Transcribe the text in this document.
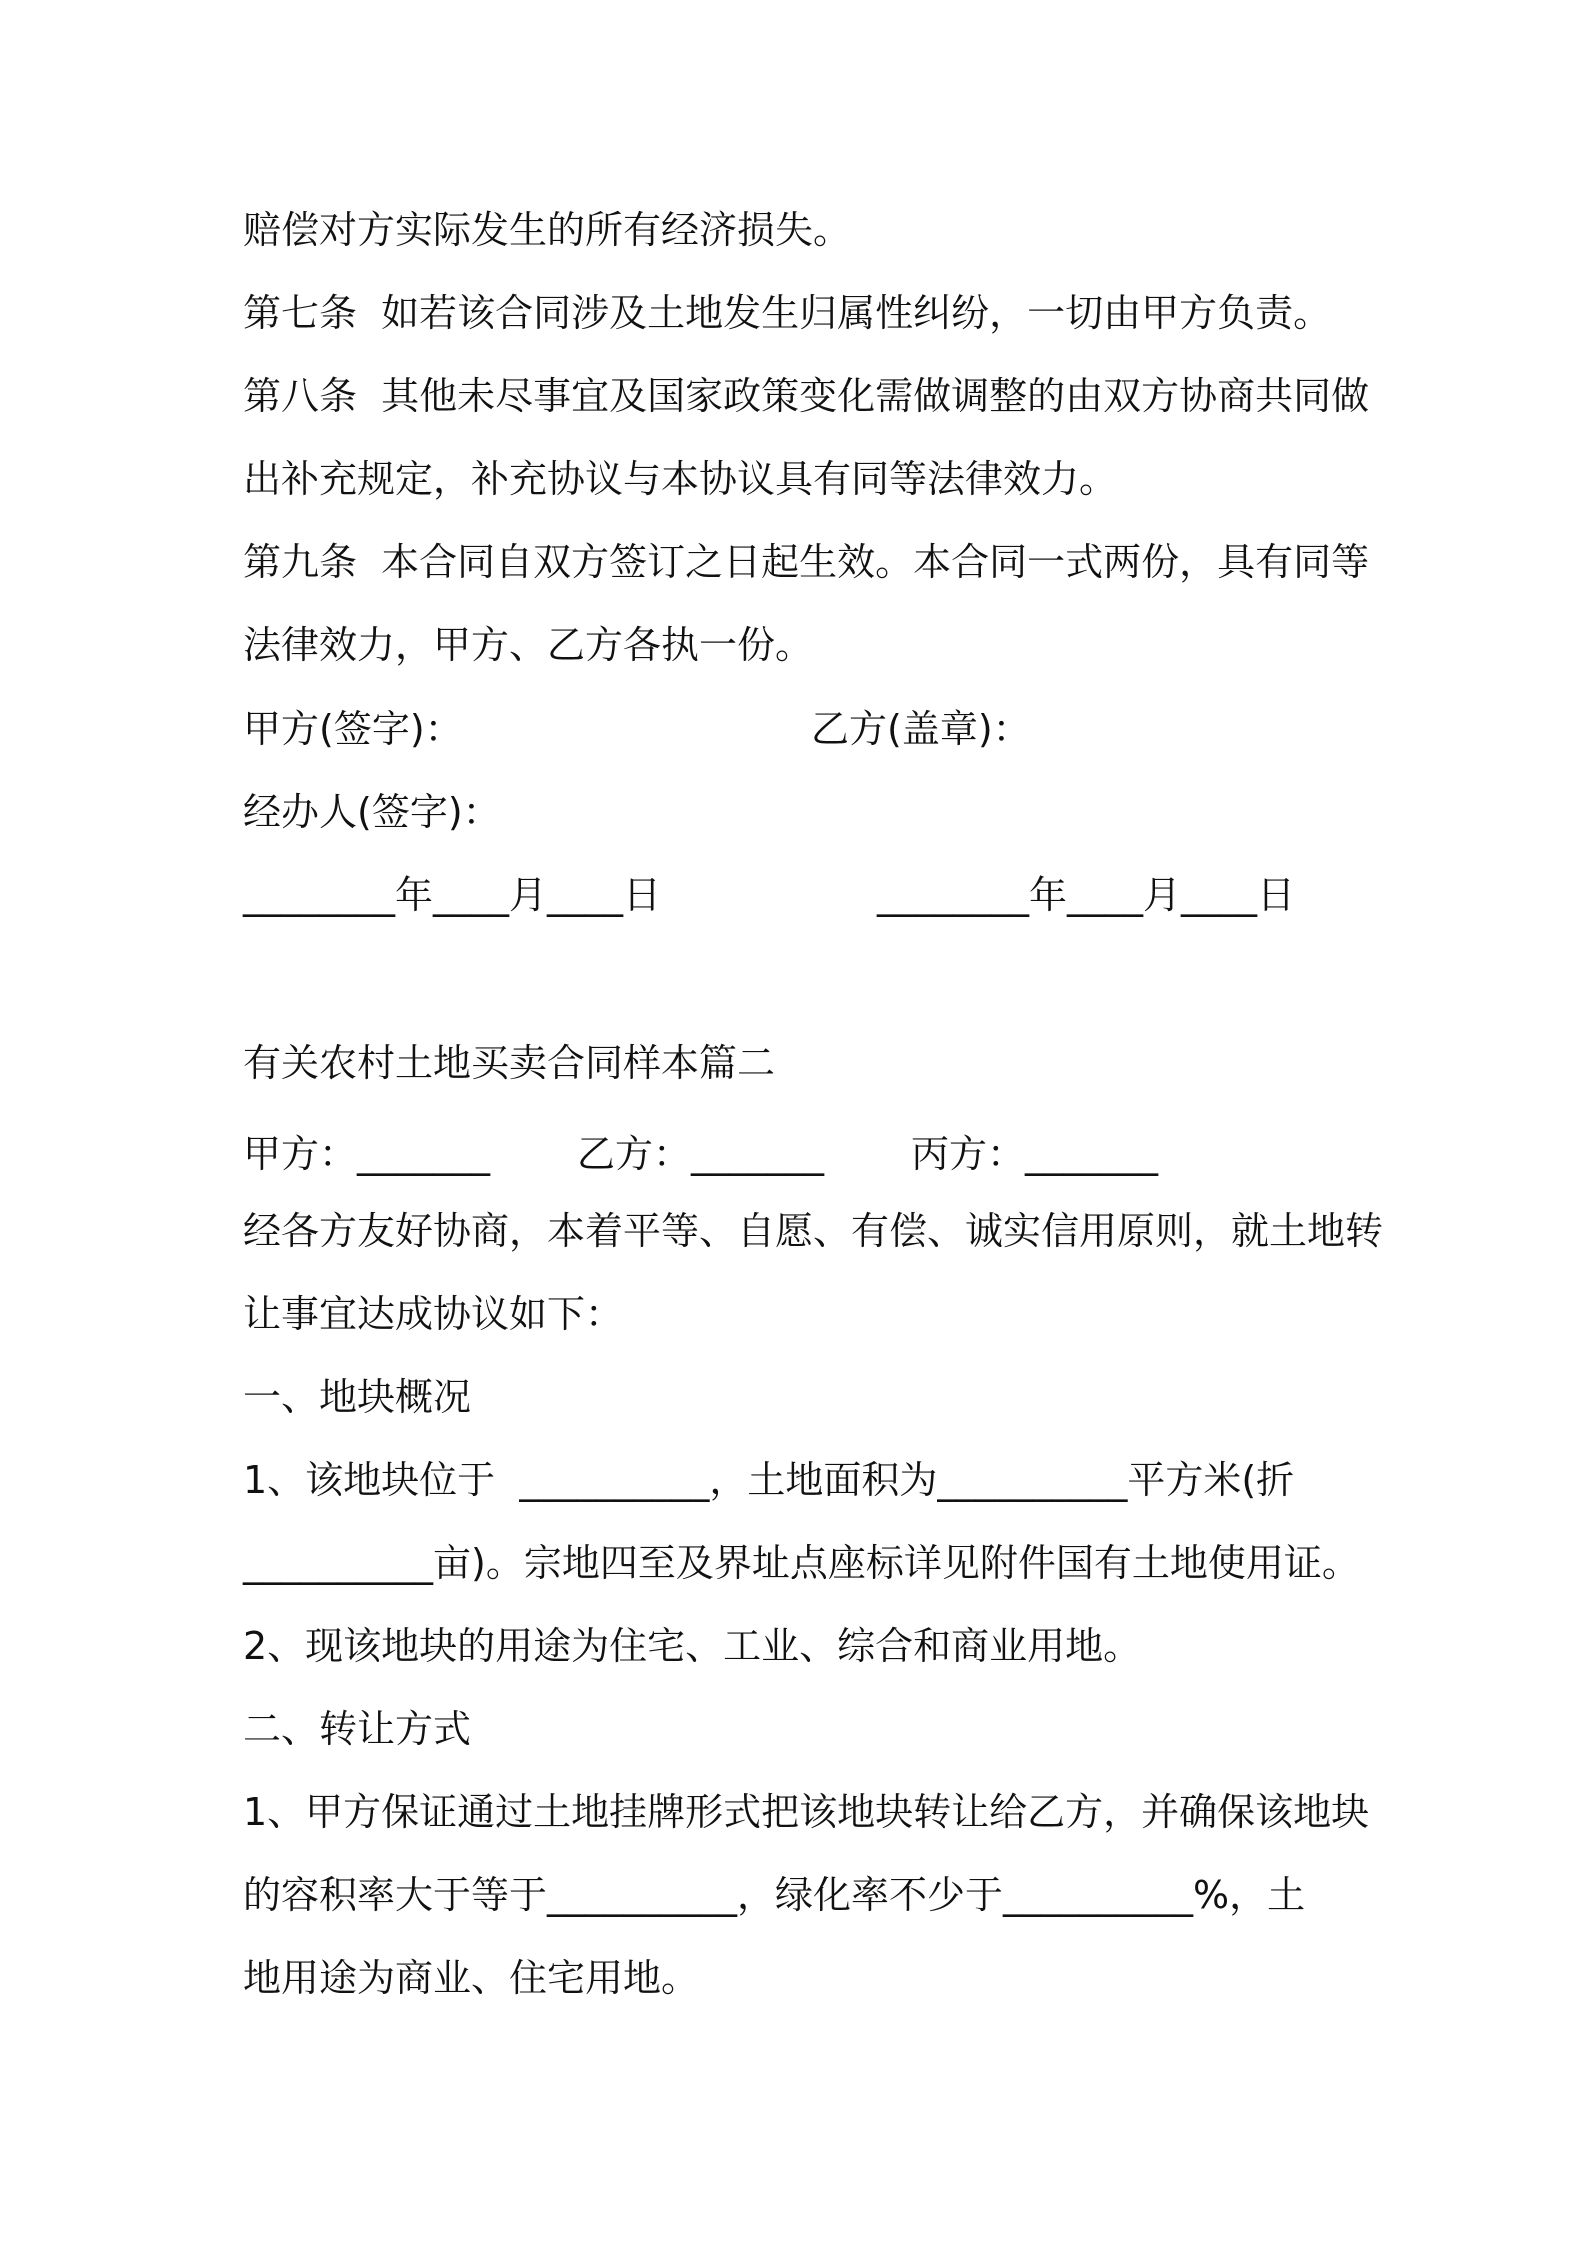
赔偿对方实际发生的所有经济损失。
第七条  如若该合同涉及土地发生归属性纠纷，一切由甲方负责。
第八条  其他未尽事宜及国家政策变化需做调整的由双方协商共同做
出补充规定，补充协议与本协议具有同等法律效力。
第九条  本合同自双方签订之日起生效。本合同一式两份，具有同等
法律效力，甲方、乙方各执一份。
甲方(签字)：	乙方(盖章)：
经办人(签字)：
________年____月____日	________年____月____日
有关农村土地买卖合同样本篇二
甲方：_______ 乙方：_______ 丙方：_______
经各方友好协商，本着平等、自愿、有偿、诚实信用原则，就土地转
让事宜达成协议如下：
一、地块概况
1、该地块位于  __________，土地面积为__________平方米(折
__________亩)。宗地四至及界址点座标详见附件国有土地使用证。
2、现该地块的用途为住宅、工业、综合和商业用地。
二、转让方式
1、甲方保证通过土地挂牌形式把该地块转让给乙方，并确保该地块
的容积率大于等于__________，绿化率不少于__________%，土
地用途为商业、住宅用地。
